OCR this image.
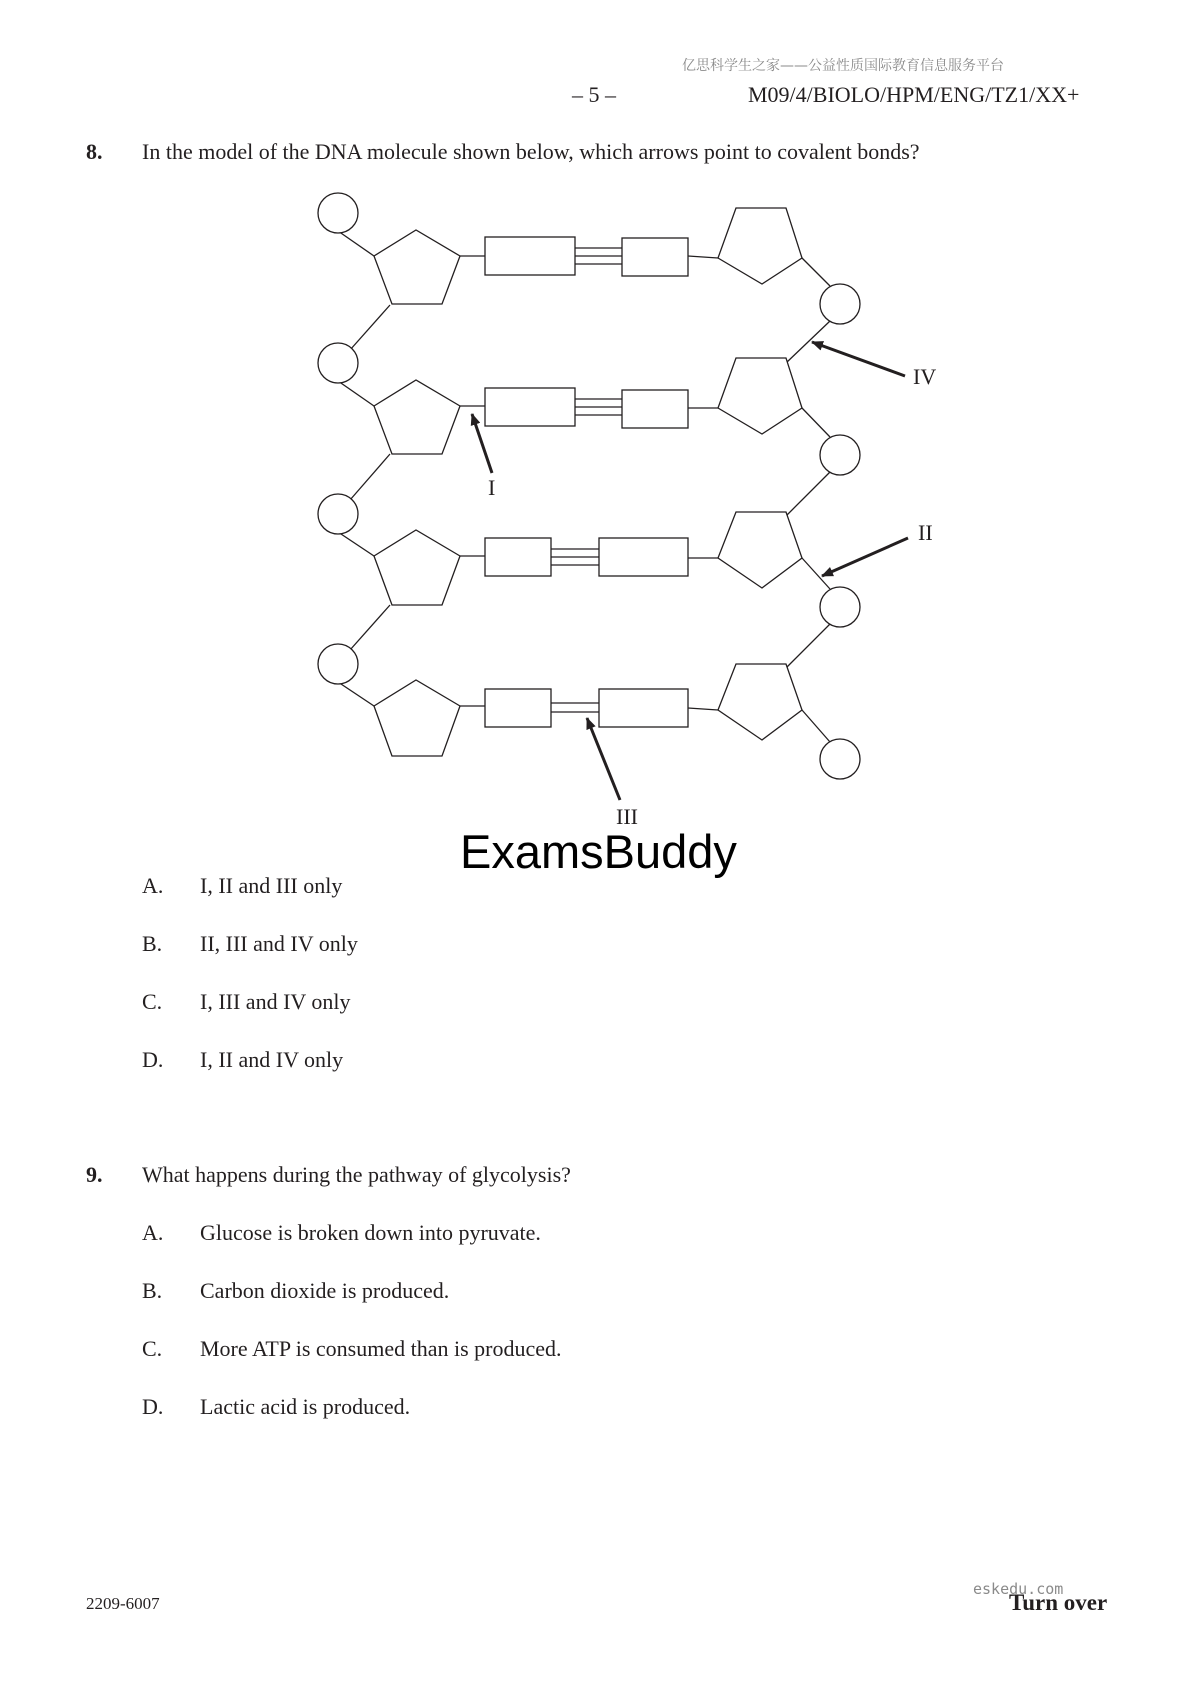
亿思科学生之家——公益性质国际教育信息服务平台
– 5 –	M09/4/BIOLO/HPM/ENG/TZ1/XX+
8. In the model of the DNA molecule shown below, which arrows point to covalent bonds?
I
II
III
IV
ExamsBuddy
A. I, II and III only
B. II, III and IV only
C. I, III and IV only
D. I, II and IV only
9. What happens during the pathway of glycolysis?
A. Glucose is broken down into pyruvate.
B. Carbon dioxide is produced.
C. More ATP is consumed than is produced.
D. Lactic acid is produced.
2209-6007
eskedu.com
Turn over
